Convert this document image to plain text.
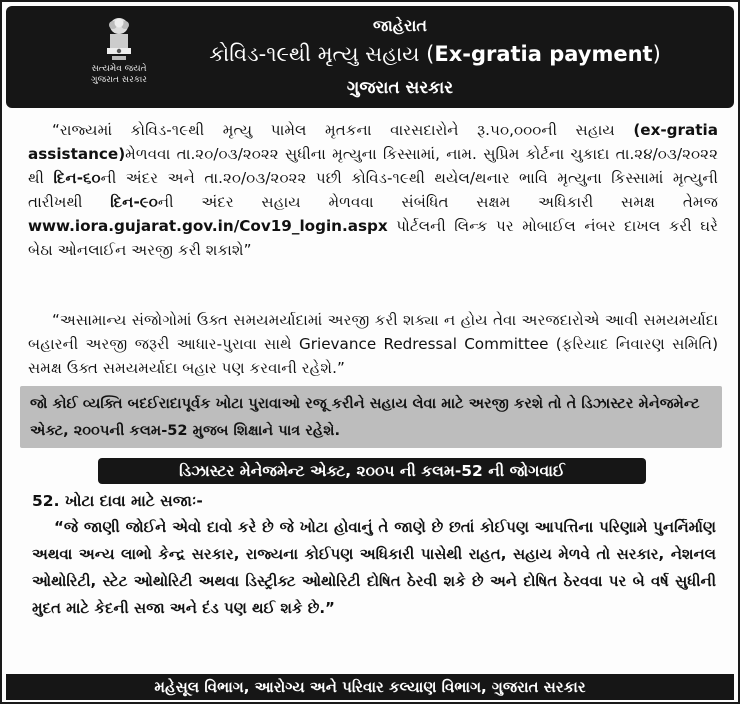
સત્યમેવ જયતે
ગુજરાત સરકાર
જાહેરાત
કોવિડ-૧૯થી મૃત્યુ સહાય (Ex-gratia payment)
ગુજરાત સરકાર
“રાજ્યમાં કોવિડ-૧૯થી મૃત્યુ પામેલ મૃતકના વારસદારોને રૂ.૫૦,૦૦૦ની સહાય (ex-gratia assistance)મેળવવા તા.૨૦/૦૩/૨૦૨૨ સુધીના મૃત્યુના કિસ્સામાં, નામ. સુપ્રિમ કોર્ટના ચુકાદા તા.૨૪/૦૩/૨૦૨૨ થી દિન-૬૦ની અંદર અને તા.૨૦/૦૩/૨૦૨૨ પછી કોવિડ-૧૯થી થયેલ/થનાર ભાવિ મૃત્યુના કિસ્સામાં મૃત્યુની તારીખથી દિન-૯૦ની અંદર સહાય મેળવવા સંબંધિત સક્ષમ અધિકારી સમક્ષ તેમજ www.iora.gujarat.gov.in/Cov19_login.aspx પોર્ટલની લિન્ક પર મોબાઈલ નંબર દાખલ કરી ઘરે બેઠા ઓનલાઈન અરજી કરી શકાશે”
“અસામાન્ય સંજોગોમાં ઉક્ત સમયમર્યાદામાં અરજી કરી શક્યા ન હોય તેવા અરજદારોએ આવી સમયમર્યાદા બહારની અરજી જરૂરી આધાર-પુરાવા સાથે Grievance Redressal Committee (ફરિયાદ નિવારણ સમિતિ) સમક્ષ ઉક્ત સમયમર્યાદા બહાર પણ કરવાની રહેશે.”
જો કોઈ વ્યક્તિ બદઈરાદાપૂર્વક ખોટા પુરાવાઓ રજૂ કરીને સહાય લેવા માટે અરજી કરશે તો તે ડિઝાસ્ટર મેનેજમેન્ટ એક્ટ, ૨૦૦૫ની કલમ-52 મુજબ શિક્ષાને પાત્ર રહેશે.
ડિઝાસ્ટર મેનેજમેન્ટ એક્ટ, ૨૦૦૫ ની કલમ-52 ની જોગવાઈ
52. ખોટા દાવા માટે સજાઃ-
“જે જાણી જોઈને એવો દાવો કરે છે જે ખોટા હોવાનું તે જાણે છે છતાં કોઈપણ આપત્તિના પરિણામે પુનર્નિર્માણ અથવા અન્ય લાભો કેન્દ્ર સરકાર, રાજ્યના કોઈપણ અધિકારી પાસેથી રાહત, સહાય મેળવે તો સરકાર, નેશનલ ઓથોરિટી, સ્ટેટ ઓથોરિટી અથવા ડિસ્ટ્રીક્ટ ઓથોરિટી દોષિત ઠેરવી શકે છે અને દોષિત ઠેરવવા પર બે વર્ષ સુધીની મુદત માટે કેદની સજા અને દંડ પણ થઈ શકે છે.”
મહેસૂલ વિભાગ, આરોગ્ય અને પરિવાર કલ્યાણ વિભાગ, ગુજરાત સરકાર
